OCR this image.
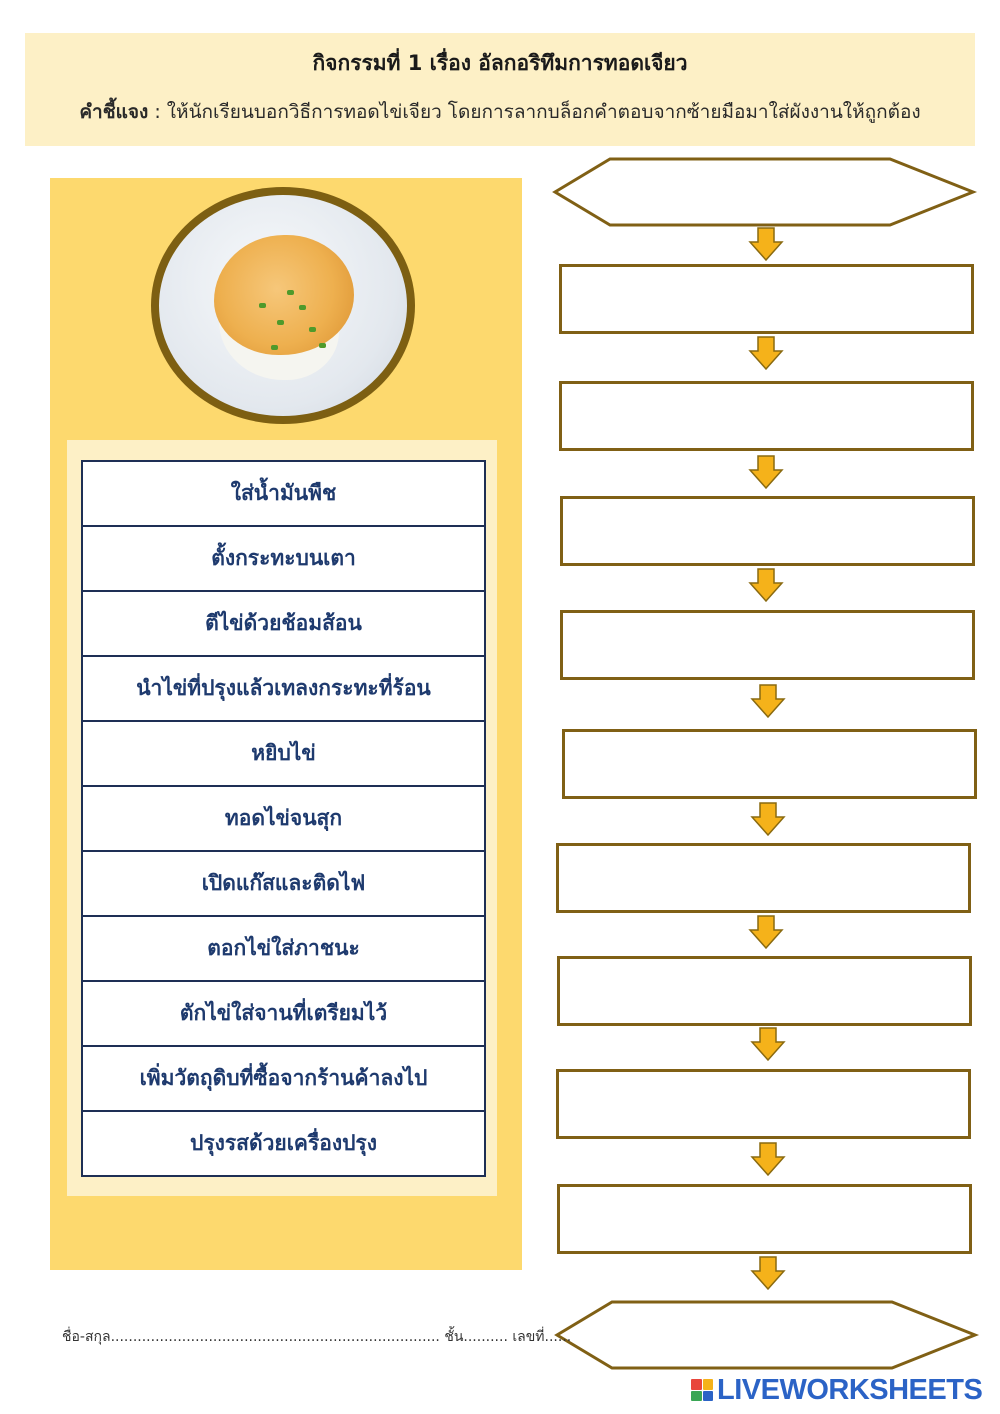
กิจกรรมที่ 1 เรื่อง อัลกอริทึมการทอดเจียว
คำชี้แจง : ให้นักเรียนบอกวิธีการทอดไข่เจียว โดยการลากบล็อกคำตอบจากซ้ายมือมาใส่ผังงานให้ถูกต้อง
ใส่น้ำมันพืช
ตั้งกระทะบนเตา
ตีไข่ด้วยช้อมส้อน
นำไข่ที่ปรุงแล้วเทลงกระทะที่ร้อน
หยิบไข่
ทอดไข่จนสุก
เปิดแก๊สและติดไฟ
ตอกไข่ใส่ภาชนะ
ตักไข่ใส่จานที่เตรียมไว้
เพิ่มวัตถุดิบที่ซื้อจากร้านค้าลงไป
ปรุงรสด้วยเครื่องปรุง
ชื่อ-สกุล.......................................................................... ชั้น.......... เลขที่......
LIVEWORKSHEETS
